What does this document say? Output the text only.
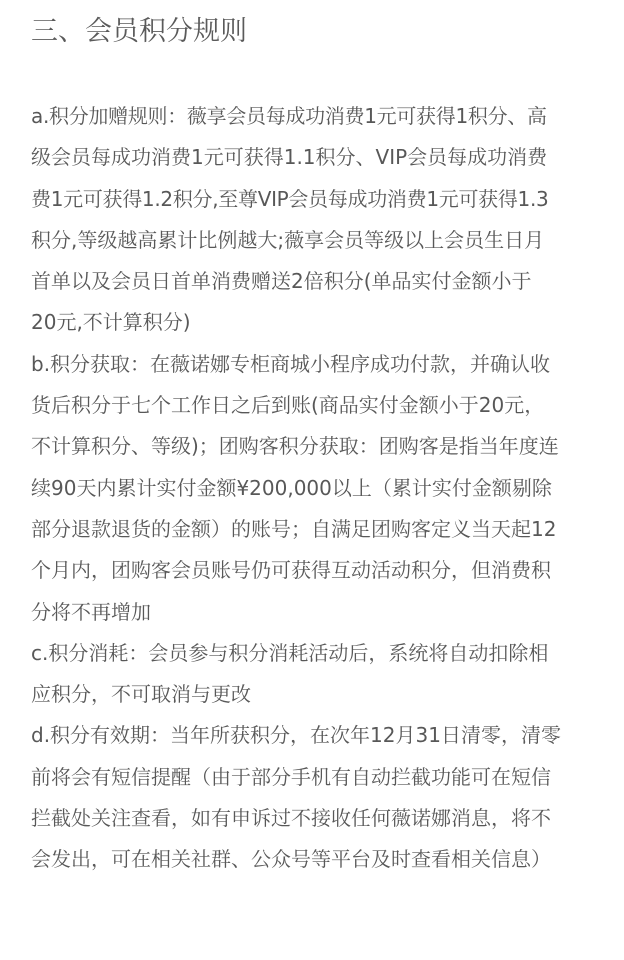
三、会员积分规则
a.积分加赠规则：薇享会员每成功消费1元可获得1积分、高
级会员每成功消费1元可获得1.1积分、VIP会员每成功消费
费1元可获得1.2积分,至尊VIP会员每成功消费1元可获得1.3
积分,等级越高累计比例越大;薇享会员等级以上会员生日月
首单以及会员日首单消费赠送2倍积分(单品实付金额小于
20元,不计算积分)
b.积分获取：在薇诺娜专柜商城小程序成功付款，并确认收
货后积分于七个工作日之后到账(商品实付金额小于20元，
不计算积分、等级)；团购客积分获取：团购客是指当年度连
续90天内累计实付金额¥200,000以上（累计实付金额剔除
部分退款退货的金额）的账号；自满足团购客定义当天起12
个月内，团购客会员账号仍可获得互动活动积分，但消费积
分将不再增加
c.积分消耗：会员参与积分消耗活动后，系统将自动扣除相
应积分，不可取消与更改
d.积分有效期：当年所获积分，在次年12月31日清零，清零
前将会有短信提醒（由于部分手机有自动拦截功能可在短信
拦截处关注查看，如有申诉过不接收任何薇诺娜消息，将不
会发出，可在相关社群、公众号等平台及时查看相关信息）
